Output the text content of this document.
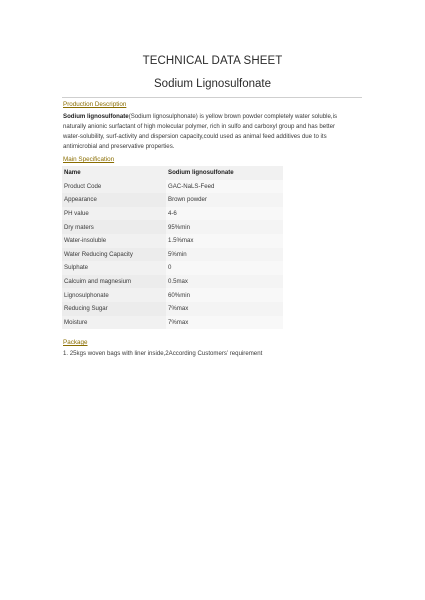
TECHNICAL DATA SHEET
Sodium Lignosulfonate
Production Description
Sodium lignosulfonate(Sodium lignosulphonate) is yellow brown powder completely water soluble,is
naturally anionic surfactant of high molecular polymer, rich in sulfo and carboxyl group and has better
water-solubility, surf-activity and dispersion capacity,could used as animal feed additives due to its
antimicrobial and preservative properties.
Main Specification
Name	Sodium lignosulfonate
Product Code	GAC-NaLS-Feed
Appearance	Brown powder
PH value	4-6
Dry maters	95%min
Water-insoluble	1.5%max
Water Reducing Capacity	5%min
Sulphate	0
Calcuim and magnesium	0.5max
Lignosulphonate	60%min
Reducing Sugar	7%max
Moisture	7%max
Package
1. 25kgs woven bags with liner inside,2According Customers’ requirement
